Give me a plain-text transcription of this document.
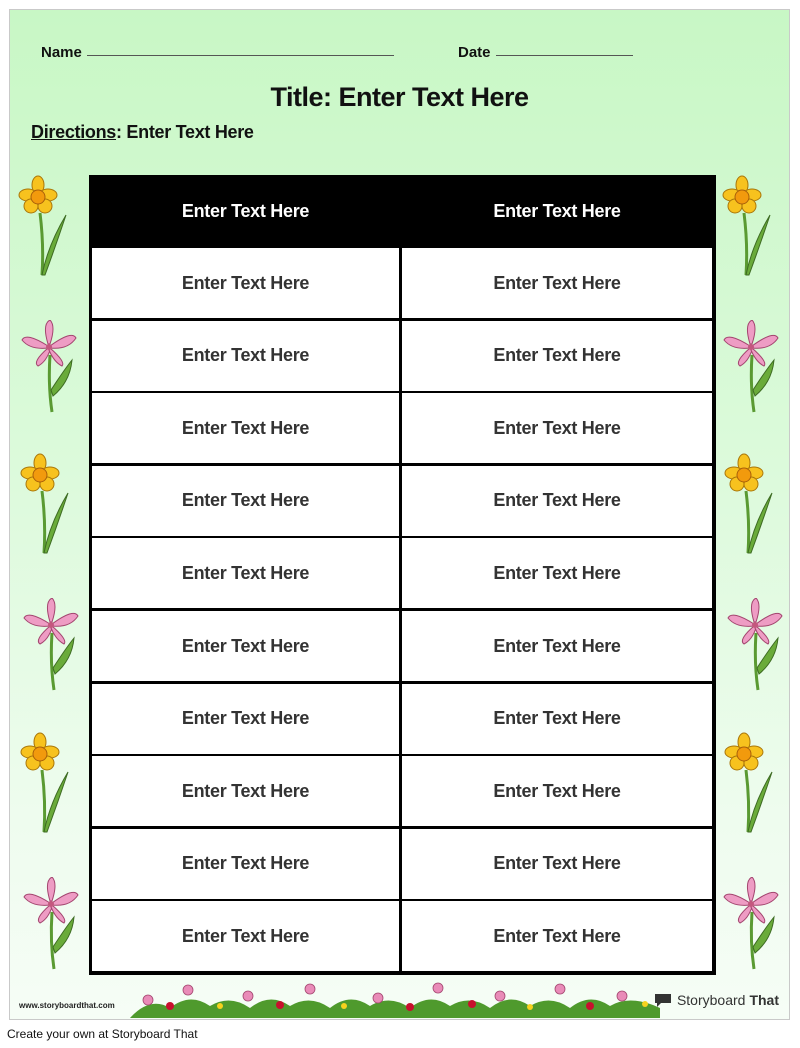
Name	Date
Title: Enter Text Here
Directions: Enter Text Here
Enter Text Here	Enter Text Here
Enter Text Here	Enter Text Here
Enter Text Here	Enter Text Here
Enter Text Here	Enter Text Here
Enter Text Here	Enter Text Here
Enter Text Here	Enter Text Here
Enter Text Here	Enter Text Here
Enter Text Here	Enter Text Here
Enter Text Here	Enter Text Here
Enter Text Here	Enter Text Here
Enter Text Here	Enter Text Here
www.storyboardthat.com	Storyboard That
Create your own at Storyboard That
